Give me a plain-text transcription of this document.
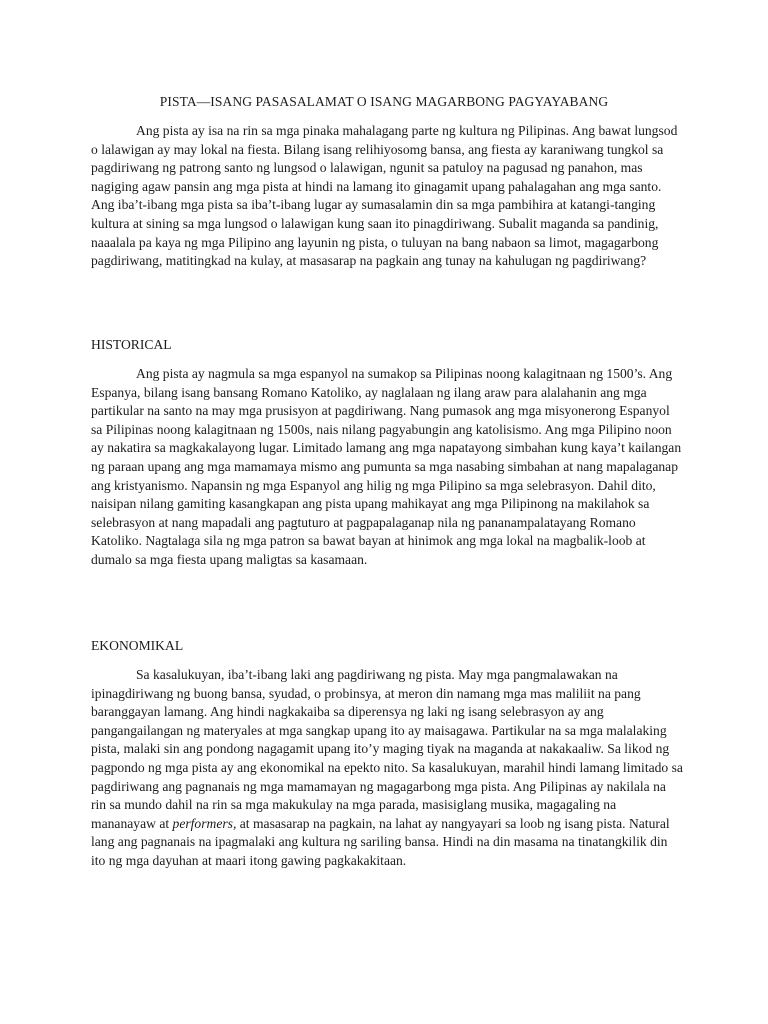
PISTA—ISANG PASASALAMAT O ISANG MAGARBONG PAGYAYABANG

Ang pista ay isa na rin sa mga pinaka mahalagang parte ng kultura ng Pilipinas. Ang bawat lungsod o lalawigan ay may lokal na fiesta. Bilang isang relihiyosomg bansa, ang fiesta ay karaniwang tungkol sa pagdiriwang ng patrong santo ng lungsod o lalawigan, ngunit sa patuloy na pagusad ng panahon, mas nagiging agaw pansin ang mga pista at hindi na lamang ito ginagamit upang pahalagahan ang mga santo. Ang iba’t-ibang mga pista sa iba’t-ibang lugar ay sumasalamin din sa mga pambihira at katangi-tanging kultura at sining sa mga lungsod o lalawigan kung saan ito pinagdiriwang. Subalit maganda sa pandinig, naaalala pa kaya ng mga Pilipino ang layunin ng pista, o tuluyan na bang nabaon sa limot, magagarbong pagdiriwang, matitingkad na kulay, at masasarap na pagkain ang tunay na kahulugan ng pagdiriwang?

HISTORICAL

Ang pista ay nagmula sa mga espanyol na sumakop sa Pilipinas noong kalagitnaan ng 1500’s. Ang Espanya, bilang isang bansang Romano Katoliko, ay naglalaan ng ilang araw para alalahanin ang mga partikular na santo na may mga prusisyon at pagdiriwang. Nang pumasok ang mga misyonerong Espanyol sa Pilipinas noong kalagitnaan ng 1500s, nais nilang pagyabungin ang katolisismo. Ang mga Pilipino noon ay nakatira sa magkakalayong lugar. Limitado lamang ang mga napatayong simbahan kung kaya’t kailangan ng paraan upang ang mga mamamaya mismo ang pumunta sa mga nasabing simbahan at nang mapalaganap ang kristyanismo. Napansin ng mga Espanyol ang hilig ng mga Pilipino sa mga selebrasyon. Dahil dito, naisipan nilang gamiting kasangkapan ang pista upang mahikayat ang mga Pilipinong na makilahok sa selebrasyon at nang mapadali ang pagtuturo at pagpapalaganap nila ng pananampalatayang Romano Katoliko. Nagtalaga sila ng mga patron sa bawat bayan at hinimok ang mga lokal na magbalik-loob at dumalo sa mga fiesta upang maligtas sa kasamaan.

EKONOMIKAL

Sa kasalukuyan, iba’t-ibang laki ang pagdiriwang ng pista. May mga pangmalawakan na ipinagdiriwang ng buong bansa, syudad, o probinsya, at meron din namang mga mas maliliit na pang baranggayan lamang. Ang hindi nagkakaiba sa diperensya ng laki ng isang selebrasyon ay ang pangangailangan ng materyales at mga sangkap upang ito ay maisagawa. Partikular na sa mga malalaking pista, malaki sin ang pondong nagagamit upang ito’y maging tiyak na maganda at nakakaaliw. Sa likod ng pagpondo ng mga pista ay ang ekonomikal na epekto nito. Sa kasalukuyan, marahil hindi lamang limitado sa pagdiriwang ang pagnanais ng mga mamamayan ng magagarbong mga pista. Ang Pilipinas ay nakilala na rin sa mundo dahil na rin sa mga makukulay na mga parada, masisiglang musika, magagaling na mananayaw at performers, at masasarap na pagkain, na lahat ay nangyayari sa loob ng isang pista. Natural lang ang pagnanais na ipagmalaki ang kultura ng sariling bansa. Hindi na din masama na tinatangkilik din ito ng mga dayuhan at maari itong gawing pagkakakitaan.
